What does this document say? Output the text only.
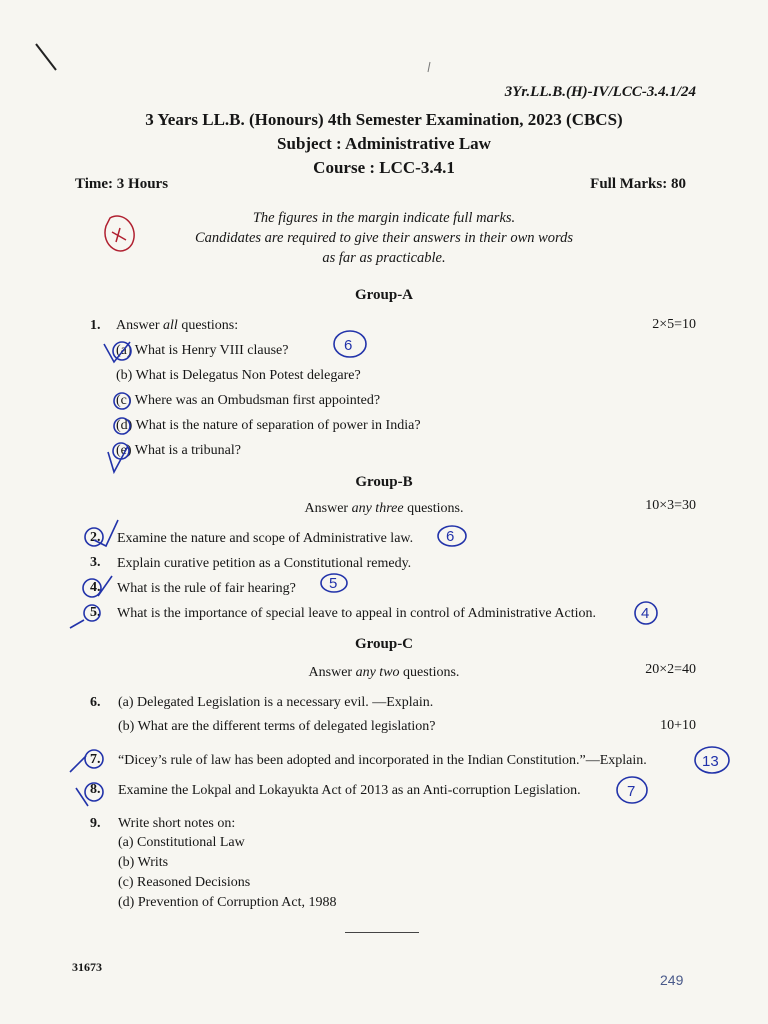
3Yr.LL.B.(H)-IV/LCC-3.4.1/24
3 Years LL.B. (Honours) 4th Semester Examination, 2023 (CBCS)
Subject : Administrative Law
Course : LCC-3.4.1
Time: 3 Hours	Full Marks: 80
The figures in the margin indicate full marks.
Candidates are required to give their answers in their own words
as far as practicable.
Group-A
1. Answer all questions:	2×5=10
(a) What is Henry VIII clause?
(b) What is Delegatus Non Potest delegare?
(c) Where was an Ombudsman first appointed?
(d) What is the nature of separation of power in India?
(e) What is a tribunal?
Group-B
Answer any three questions.	10×3=30
2. Examine the nature and scope of Administrative law.
3. Explain curative petition as a Constitutional remedy.
4. What is the rule of fair hearing?
5. What is the importance of special leave to appeal in control of Administrative Action.
Group-C
Answer any two questions.	20×2=40
6. (a) Delegated Legislation is a necessary evil. —Explain.
(b) What are the different terms of delegated legislation?	10+10
7. “Dicey’s rule of law has been adopted and incorporated in the Indian Constitution.”—Explain.
8. Examine the Lokpal and Lokayukta Act of 2013 as an Anti-corruption Legislation.
9. Write short notes on:
(a) Constitutional Law
(b) Writs
(c) Reasoned Decisions
(d) Prevention of Corruption Act, 1988
31673
249
6
6
5
4
13
7
